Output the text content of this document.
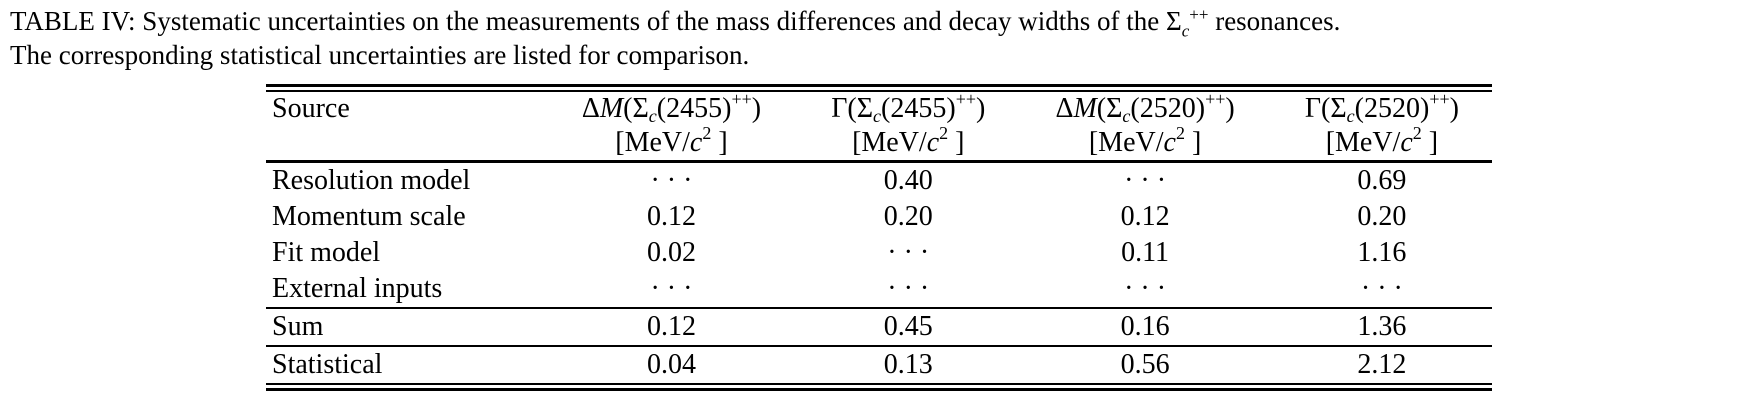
TABLE IV: Systematic uncertainties on the measurements of the mass differences and decay widths of the $\Sigma_c^{++}$ resonances.
The corresponding statistical uncertainties are listed for comparison.
Source	$\Delta M(\Sigma_c(2455)^{++})$	$\Gamma(\Sigma_c(2455)^{++})$	$\Delta M(\Sigma_c(2520)^{++})$	$\Gamma(\Sigma_c(2520)^{++})$
	[$MeV/c^2$ ]	[$MeV/c^2$ ]	[$MeV/c^2$ ]	[$MeV/c^2$ ]
Resolution model	· · ·	0.40	· · ·	0.69
Momentum scale	0.12	0.20	0.12	0.20
Fit model	0.02	· · ·	0.11	1.16
External inputs	· · ·	· · ·	· · ·	· · ·
Sum	0.12	0.45	0.16	1.36
Statistical	0.04	0.13	0.56	2.12
